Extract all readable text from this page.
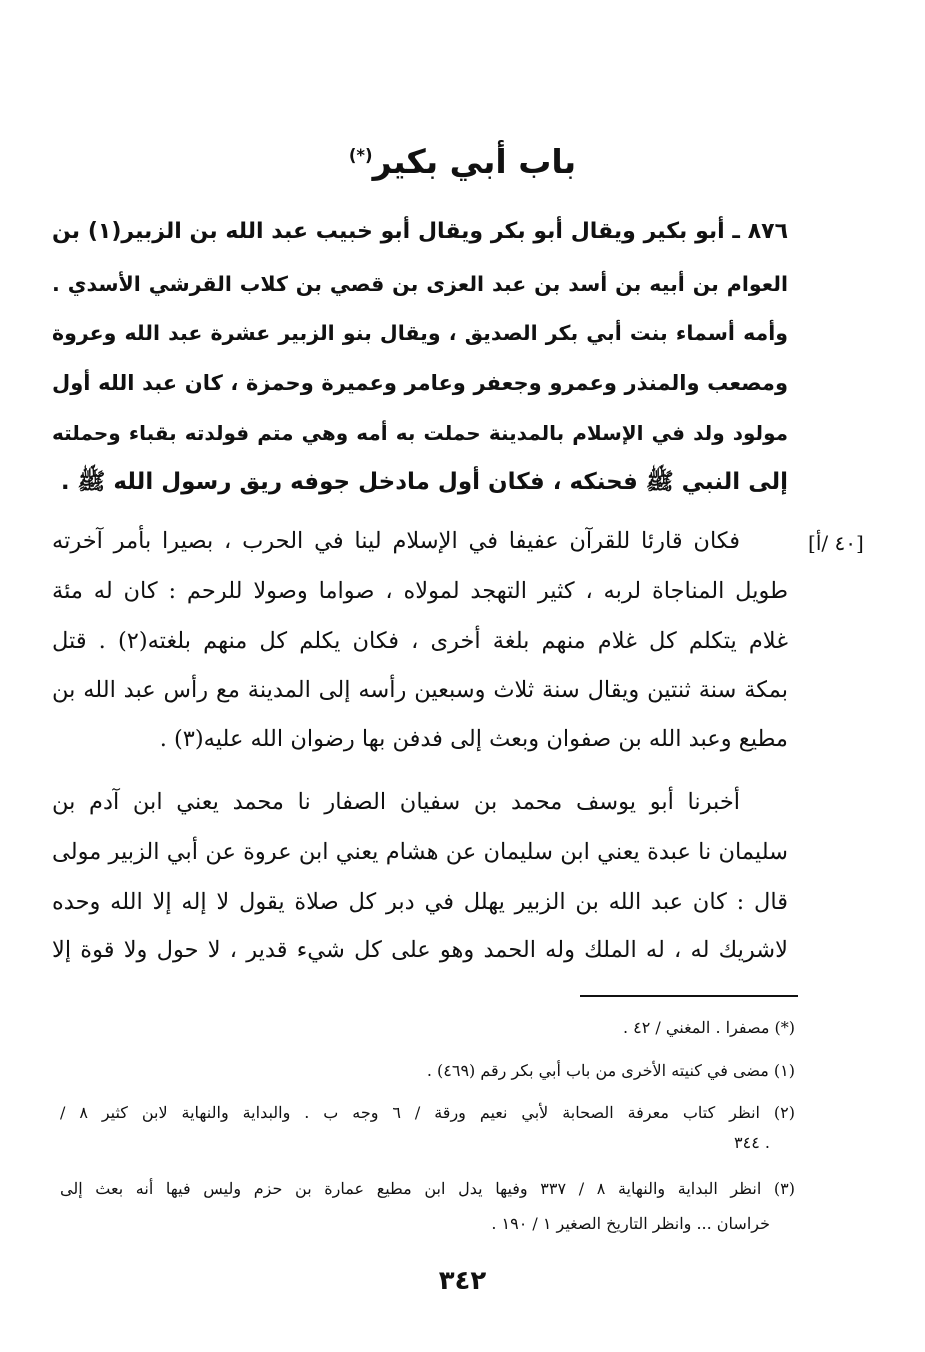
باب أبي بكير(*)
٨٧٦ ـ أبو بكير ويقال أبو بكر ويقال أبو خبيب عبد الله بن الزبير(١) بن
العوام بن أبيه بن أسد بن عبد العزى بن قصي بن كلاب القرشي الأسدي .
وأمه أسماء بنت أبي بكر الصديق ، ويقال بنو الزبير عشرة عبد الله وعروة
ومصعب والمنذر وعمرو وجعفر وعامر وعميرة وحمزة ، كان عبد الله أول
مولود ولد في الإسلام بالمدينة حملت به أمه وهي متم فولدته بقباء وحملته
إلى النبي ﷺ فحنكه ، فكان أول مادخل جوفه ريق رسول الله ﷺ .
[٤٠ /أ]
فكان قارئا للقرآن عفيفا في الإسلام لينا في الحرب ، بصيرا بأمر آخرته
طويل المناجاة لربه ، كثير التهجد لمولاه ، صواما وصولا للرحم : كان له مئة
غلام يتكلم كل غلام منهم بلغة أخرى ، فكان يكلم كل منهم بلغته(٢) . قتل
بمكة سنة ثنتين ويقال سنة ثلاث وسبعين رأسه إلى المدينة مع رأس عبد الله بن
مطيع وعبد الله بن صفوان وبعث إلى فدفن بها رضوان الله عليه(٣) .
أخبرنا أبو يوسف محمد بن سفيان الصفار نا محمد يعني ابن آدم بن
سليمان نا عبدة يعني ابن سليمان عن هشام يعني ابن عروة عن أبي الزبير مولى
قال : كان عبد الله بن الزبير يهلل في دبر كل صلاة يقول لا إله إلا الله وحده
لاشريك له ، له الملك وله الحمد وهو على كل شيء قدير ، لا حول ولا قوة إلا
(*) مصفرا . المغني / ٤٢ .
(١) مضى في كنيته الأخرى من باب أبي بكر رقم (٤٦٩) .
(٢) انظر كتاب معرفة الصحابة لأبي نعيم ورقة / ٦ وجه ب . والبداية والنهاية لابن كثير ٨ /
٣٤٤ .
(٣) انظر البداية والنهاية ٨ / ٣٣٧ وفيها يدل ابن مطيع عمارة بن حزم وليس فيها أنه بعث إلى
خراسان ... وانظر التاريخ الصغير ١ / ١٩٠ .
٣٤٢
